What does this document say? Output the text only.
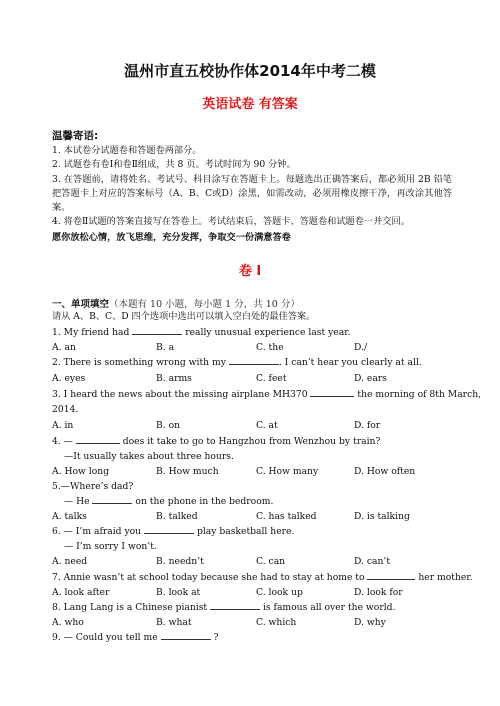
温州市直五校协作体2014年中考二模
英语试卷 有答案
温馨寄语:
1. 本试卷分试题卷和答题卷两部分。
2. 试题卷有卷Ⅰ和卷Ⅱ组成，共 8 页。考试时间为 90 分钟。
3. 在答题前，请将姓名、考试号、科目涂写在答题卡上。每题选出正确答案后，都必须用 2B 铅笔把答题卡上对应的答案标号（A、B、C或D）涂黑，如需改动，必须用橡皮擦干净，再改涂其他答案。
4. 将卷Ⅱ试题的答案直接写在答卷上。考试结束后，答题卡、答题卷和试题卷一并交回。
愿你放松心情，放飞思维，充分发挥，争取交一份满意答卷
卷 I
一、单项填空（本题有 10 小题，每小题 1 分，共 10 分）
请从 A、B、C、D 四个选项中选出可以填入空白处的最佳答案。
1. My friend had	really unusual experience last year.
A. an	B. a	C. the	D./
2. There is something wrong with my	. I can’t hear you clearly at all.
A. eyes	B. arms	C. feet	D. ears
3. I heard the news about the missing airplane MH370	the morning of 8th March,
2014.
A. in	B. on	C. at	D. for
4. —	does it take to go to Hangzhou from Wenzhou by train?
—It usually takes about three hours.
A. How long	B. How much	C. How many	D. How often
5.—Where’s dad?
— He	on the phone in the bedroom.
A. talks	B. talked	C. has talked	D. is talking
6. — I’m afraid you	play basketball here.
— I’m sorry I won’t.
A. need	B. needn’t	C. can	D. can’t
7. Annie wasn’t at school today because she had to stay at home to	her mother.
A. look after	B. look at	C. look up	D. look for
8. Lang Lang is a Chinese pianist	is famous all over the world.
A. who	B. what	C. which	D. why
9. — Could you tell me	?
